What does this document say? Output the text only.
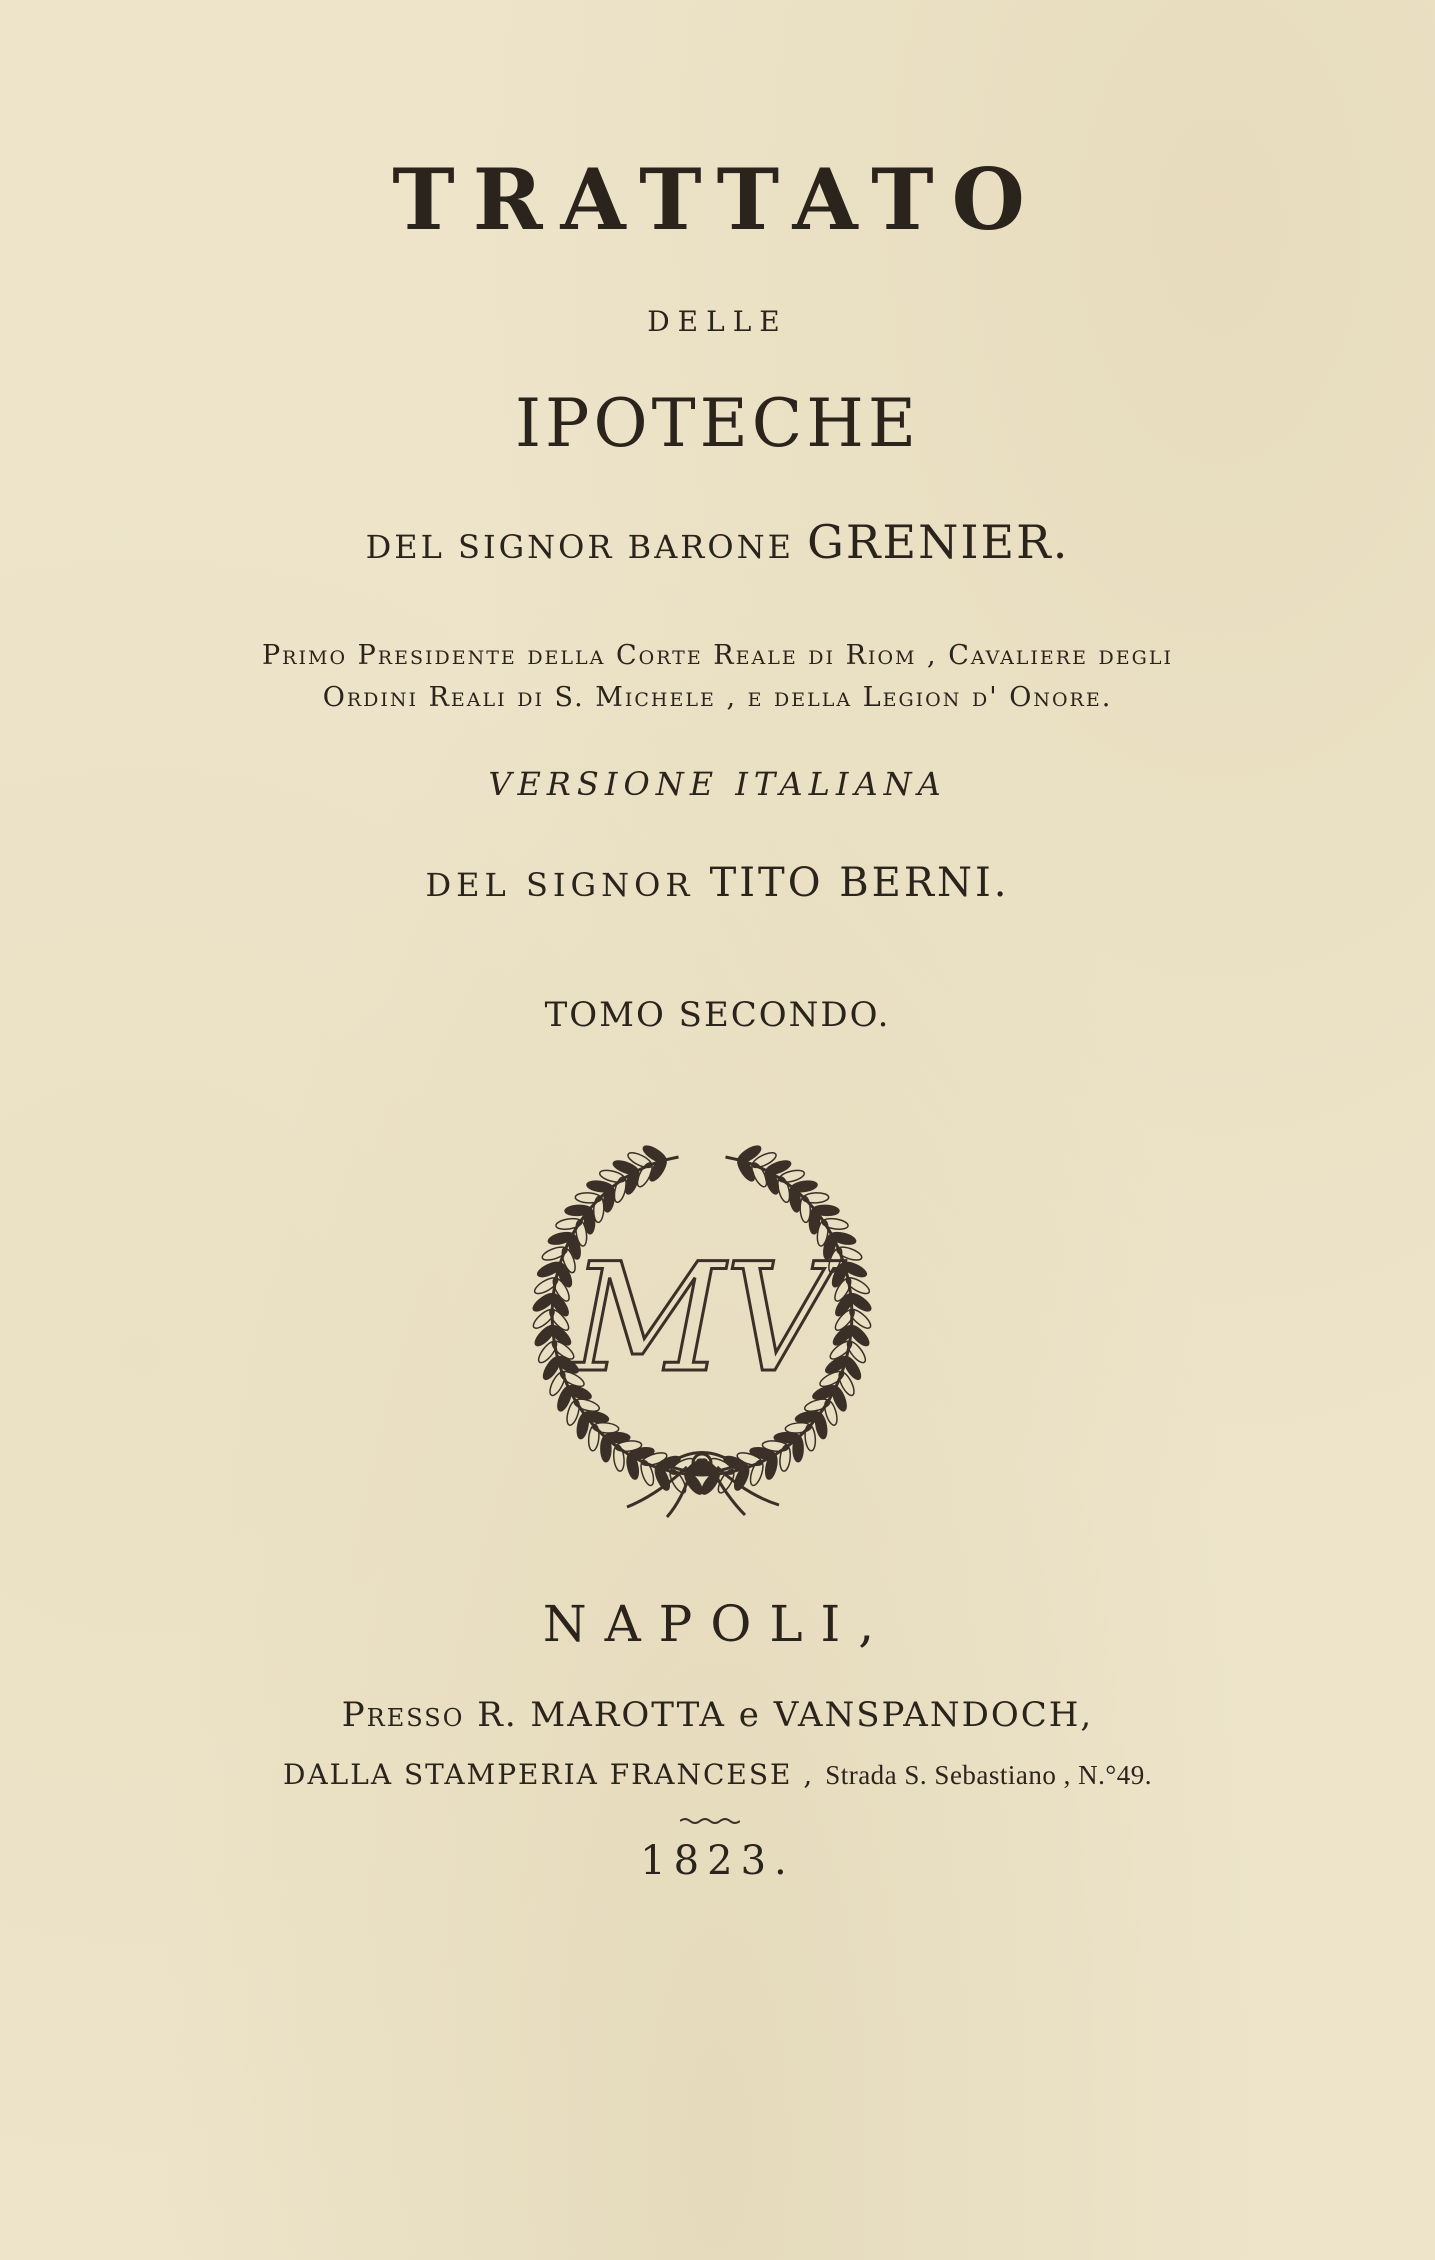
TRATTATO
DELLE
IPOTECHE
DEL SIGNOR BARONE GRENIER.
Primo Presidente della Corte Reale di Riom , Cavaliere degli
Ordini Reali di S. Michele , e della Legion d' Onore.
VERSIONE ITALIANA
DEL SIGNOR TITO BERNI.
TOMO SECONDO.
MV
NAPOLI,
Presso R. MAROTTA e VANSPANDOCH,
DALLA STAMPERIA FRANCESE , Strada S. Sebastiano , N.°49.
1823.
